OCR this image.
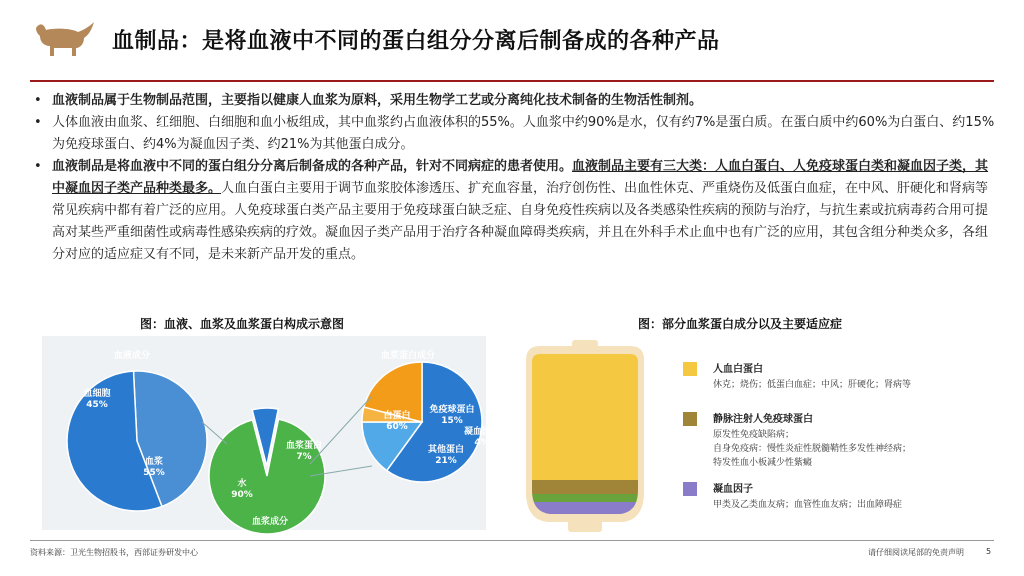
血制品：是将血液中不同的蛋白组分分离后制备成的各种产品
• 血液制品属于生物制品范围，主要指以健康人血浆为原料，采用生物学工艺或分离纯化技术制备的生物活性制剂。
• 人体血液由血浆、红细胞、白细胞和血小板组成，其中血浆约占血液体积的55%。人血浆中约90%是水，仅有约7%是蛋白质。在蛋白质中约60%为白蛋白、约15%为免疫球蛋白、约4%为凝血因子类、约21%为其他蛋白成分。
• 血液制品是将血液中不同的蛋白组分分离后制备成的各种产品，针对不同病症的患者使用。血液制品主要有三大类：人血白蛋白、人免疫球蛋白类和凝血因子类，其中凝血因子类产品种类最多。人血白蛋白主要用于调节血浆胶体渗透压、扩充血容量，治疗创伤性、出血性休克、严重烧伤及低蛋白血症，在中风、肝硬化和肾病等常见疾病中都有着广泛的应用。人免疫球蛋白类产品主要用于免疫球蛋白缺乏症、自身免疫性疾病以及各类感染性疾病的预防与治疗，与抗生素或抗病毒药合用可提高对某些严重细菌性或病毒性感染疾病的疗效。凝血因子类产品用于治疗各种凝血障碍类疾病，并且在外科手术止血中也有广泛的应用，其包含组分种类众多，各组分对应的适应症又有不同，是未来新产品开发的重点。
图：血液、血浆及血浆蛋白构成示意图	图：部分血浆蛋白成分以及主要适应症
血液成分
血细胞
45%
血浆
55%
血浆成分
水
90%
血浆蛋白
7%
血浆蛋白成分
白蛋白
60%
免疫球蛋白
15%
凝血因子
4%
其他蛋白
21%
人血白蛋白
休克；烧伤；低蛋白血症；中风；肝硬化；肾病等
静脉注射人免疫球蛋白
原发性免疫缺陷病；
自身免疫病：慢性炎症性脱髓鞘性多发性神经病；
特发性血小板减少性紫癜
凝血因子
甲类及乙类血友病；血管性血友病；出血障碍症
资料来源：卫光生物招股书，西部证券研发中心	请仔细阅读尾部的免责声明	5
